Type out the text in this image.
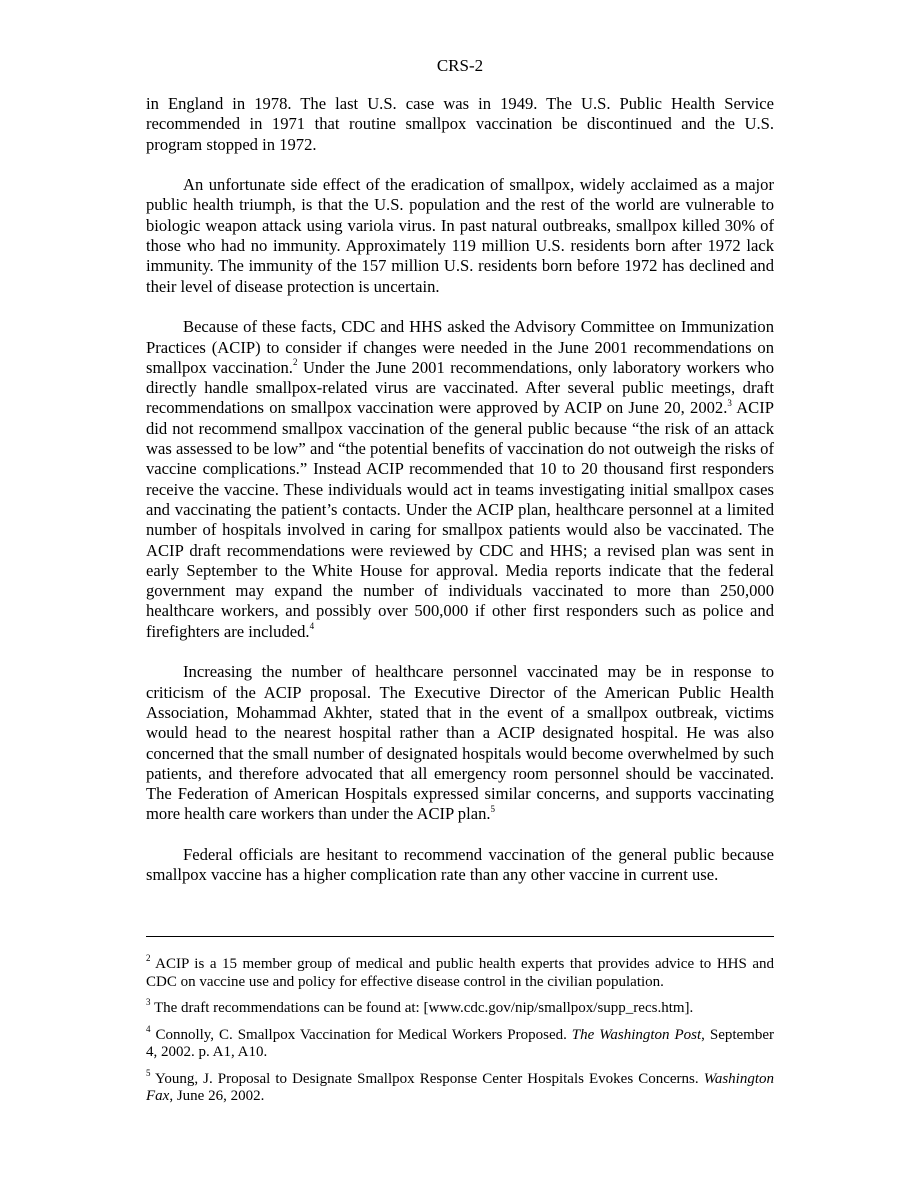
CRS-2

in England in 1978. The last U.S. case was in 1949. The U.S. Public Health Service recommended in 1971 that routine smallpox vaccination be discontinued and the U.S. program stopped in 1972.

An unfortunate side effect of the eradication of smallpox, widely acclaimed as a major public health triumph, is that the U.S. population and the rest of the world are vulnerable to biologic weapon attack using variola virus. In past natural outbreaks, smallpox killed 30% of those who had no immunity. Approximately 119 million U.S. residents born after 1972 lack immunity. The immunity of the 157 million U.S. residents born before 1972 has declined and their level of disease protection is uncertain.

Because of these facts, CDC and HHS asked the Advisory Committee on Immunization Practices (ACIP) to consider if changes were needed in the June 2001 recommendations on smallpox vaccination.$^2$ Under the June 2001 recommendations, only laboratory workers who directly handle smallpox-related virus are vaccinated. After several public meetings, draft recommendations on smallpox vaccination were approved by ACIP on June 20, 2002.$^3$ ACIP did not recommend smallpox vaccination of the general public because “the risk of an attack was assessed to be low” and “the potential benefits of vaccination do not outweigh the risks of vaccine complications.” Instead ACIP recommended that 10 to 20 thousand first responders receive the vaccine. These individuals would act in teams investigating initial smallpox cases and vaccinating the patient’s contacts. Under the ACIP plan, healthcare personnel at a limited number of hospitals involved in caring for smallpox patients would also be vaccinated. The ACIP draft recommendations were reviewed by CDC and HHS; a revised plan was sent in early September to the White House for approval. Media reports indicate that the federal government may expand the number of individuals vaccinated to more than 250,000 healthcare workers, and possibly over 500,000 if other first responders such as police and firefighters are included.$^4$

Increasing the number of healthcare personnel vaccinated may be in response to criticism of the ACIP proposal. The Executive Director of the American Public Health Association, Mohammad Akhter, stated that in the event of a smallpox outbreak, victims would head to the nearest hospital rather than a ACIP designated hospital. He was also concerned that the small number of designated hospitals would become overwhelmed by such patients, and therefore advocated that all emergency room personnel should be vaccinated. The Federation of American Hospitals expressed similar concerns, and supports vaccinating more health care workers than under the ACIP plan.$^5$

Federal officials are hesitant to recommend vaccination of the general public because smallpox vaccine has a higher complication rate than any other vaccine in current use.

$^2$ ACIP is a 15 member group of medical and public health experts that provides advice to HHS and CDC on vaccine use and policy for effective disease control in the civilian population.

$^3$ The draft recommendations can be found at: [www.cdc.gov/nip/smallpox/supp_recs.htm].

$^4$ Connolly, C. Smallpox Vaccination for Medical Workers Proposed. The Washington Post, September 4, 2002. p. A1, A10.

$^5$ Young, J. Proposal to Designate Smallpox Response Center Hospitals Evokes Concerns. Washington Fax, June 26, 2002.
